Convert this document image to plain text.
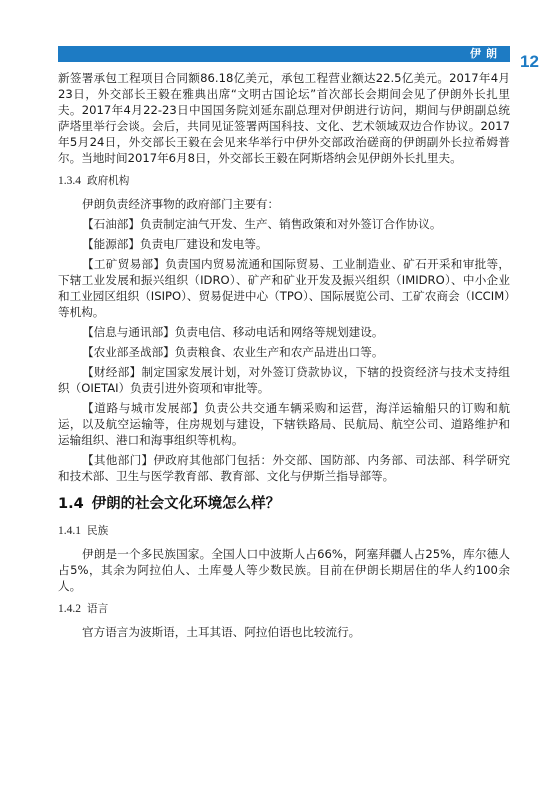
伊朗 12

新签署承包工程项目合同额86.18亿美元，承包工程营业额达22.5亿美元。2017年4月23日，外交部长王毅在雅典出席“文明古国论坛”首次部长会期间会见了伊朗外长扎里夫。2017年4月22-23日中国国务院刘延东副总理对伊朗进行访问，期间与伊朗副总统萨塔里举行会谈。会后，共同见证签署两国科技、文化、艺术领域双边合作协议。2017年5月24日，外交部长王毅在会见来华举行中伊外交部政治磋商的伊朗副外长拉希姆普尔。当地时间2017年6月8日，外交部长王毅在阿斯塔纳会见伊朗外长扎里夫。

1.3.4 政府机构

伊朗负责经济事物的政府部门主要有：

【石油部】负责制定油气开发、生产、销售政策和对外签订合作协议。

【能源部】负责电厂建设和发电等。

【工矿贸易部】负责国内贸易流通和国际贸易、工业制造业、矿石开采和审批等，下辖工业发展和振兴组织（IDRO）、矿产和矿业开发及振兴组织（IMIDRO）、中小企业和工业园区组织（ISIPO）、贸易促进中心（TPO）、国际展览公司、工矿农商会（ICCIM）等机构。

【信息与通讯部】负责电信、移动电话和网络等规划建设。

【农业部圣战部】负责粮食、农业生产和农产品进出口等。

【财经部】制定国家发展计划，对外签订贷款协议，下辖的投资经济与技术支持组织（OIETAI）负责引进外资项和审批等。

【道路与城市发展部】负责公共交通车辆采购和运营，海洋运输船只的订购和航运，以及航空运输等，住房规划与建设，下辖铁路局、民航局、航空公司、道路维护和运输组织、港口和海事组织等机构。

【其他部门】伊政府其他部门包括：外交部、国防部、内务部、司法部、科学研究和技术部、卫生与医学教育部、教育部、文化与伊斯兰指导部等。

1.4 伊朗的社会文化环境怎么样？
1.4.1 民族

伊朗是一个多民族国家。全国人口中波斯人占66%，阿塞拜疆人占25%，库尔德人占5%，其余为阿拉伯人、土库曼人等少数民族。目前在伊朗长期居住的华人约100余人。

1.4.2 语言

官方语言为波斯语，土耳其语、阿拉伯语也比较流行。
